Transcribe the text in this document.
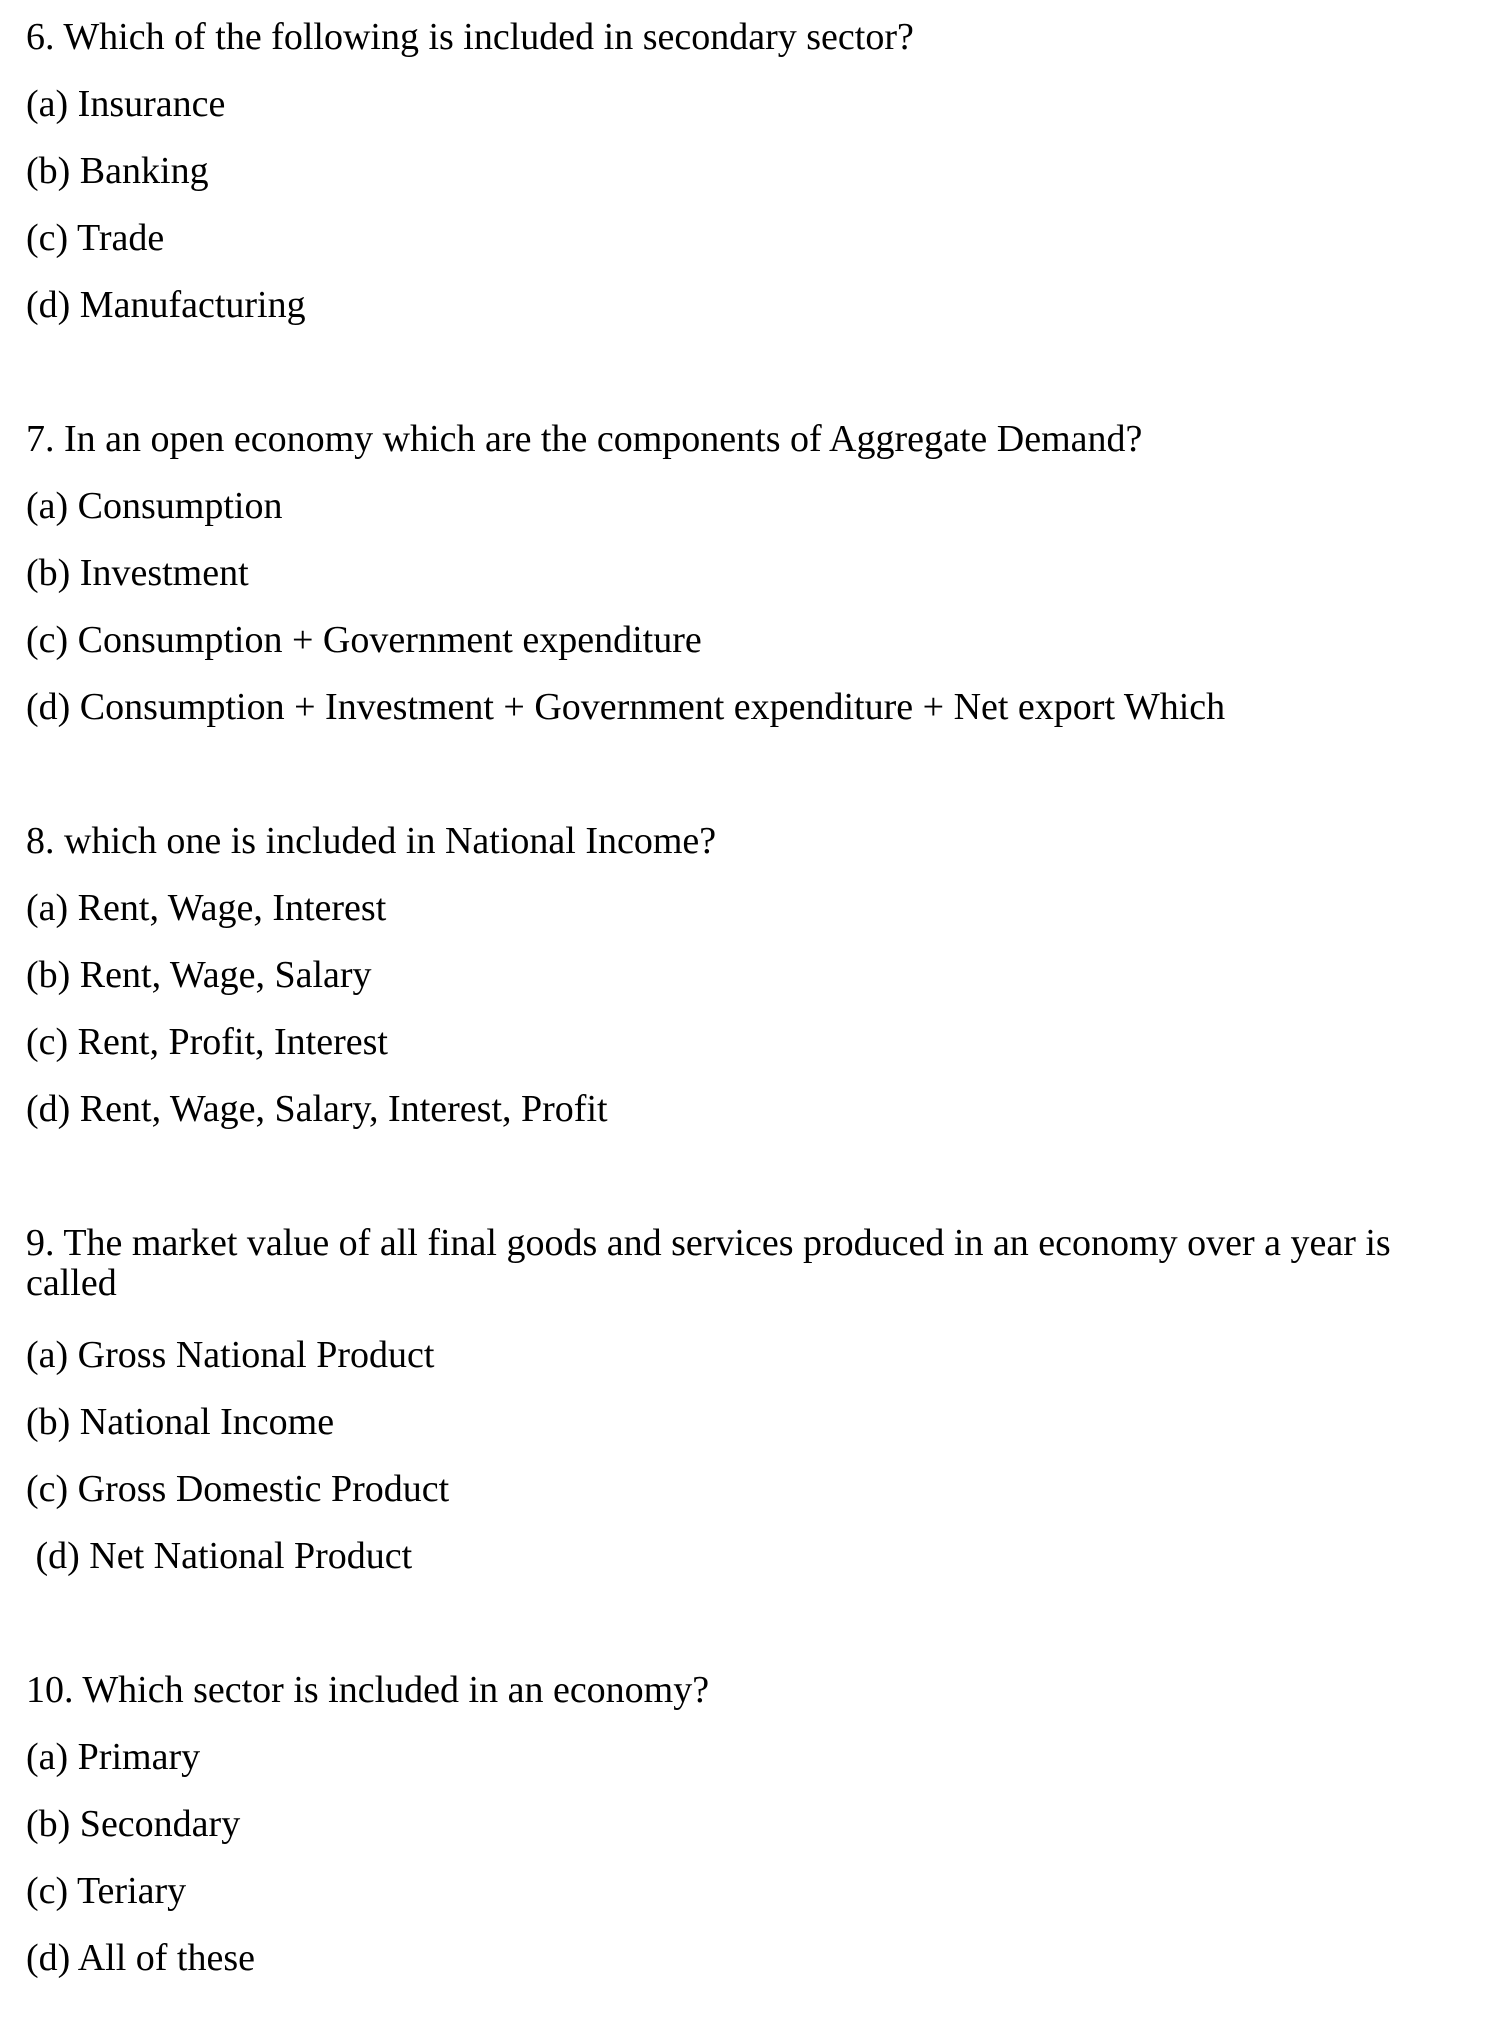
6. Which of the following is included in secondary sector?

(a) Insurance

(b) Banking

(c) Trade

(d) Manufacturing

7. In an open economy which are the components of Aggregate Demand?

(a) Consumption

(b) Investment

(c) Consumption + Government expenditure

(d) Consumption + Investment + Government expenditure + Net export Which

8. which one is included in National Income?

(a) Rent, Wage, Interest

(b) Rent, Wage, Salary

(c) Rent, Profit, Interest

(d) Rent, Wage, Salary, Interest, Profit

9. The market value of all final goods and services produced in an economy over a year is called

(a) Gross National Product

(b) National Income

(c) Gross Domestic Product

(d) Net National Product

10. Which sector is included in an economy?

(a) Primary

(b) Secondary

(c) Teriary

(d) All of these
